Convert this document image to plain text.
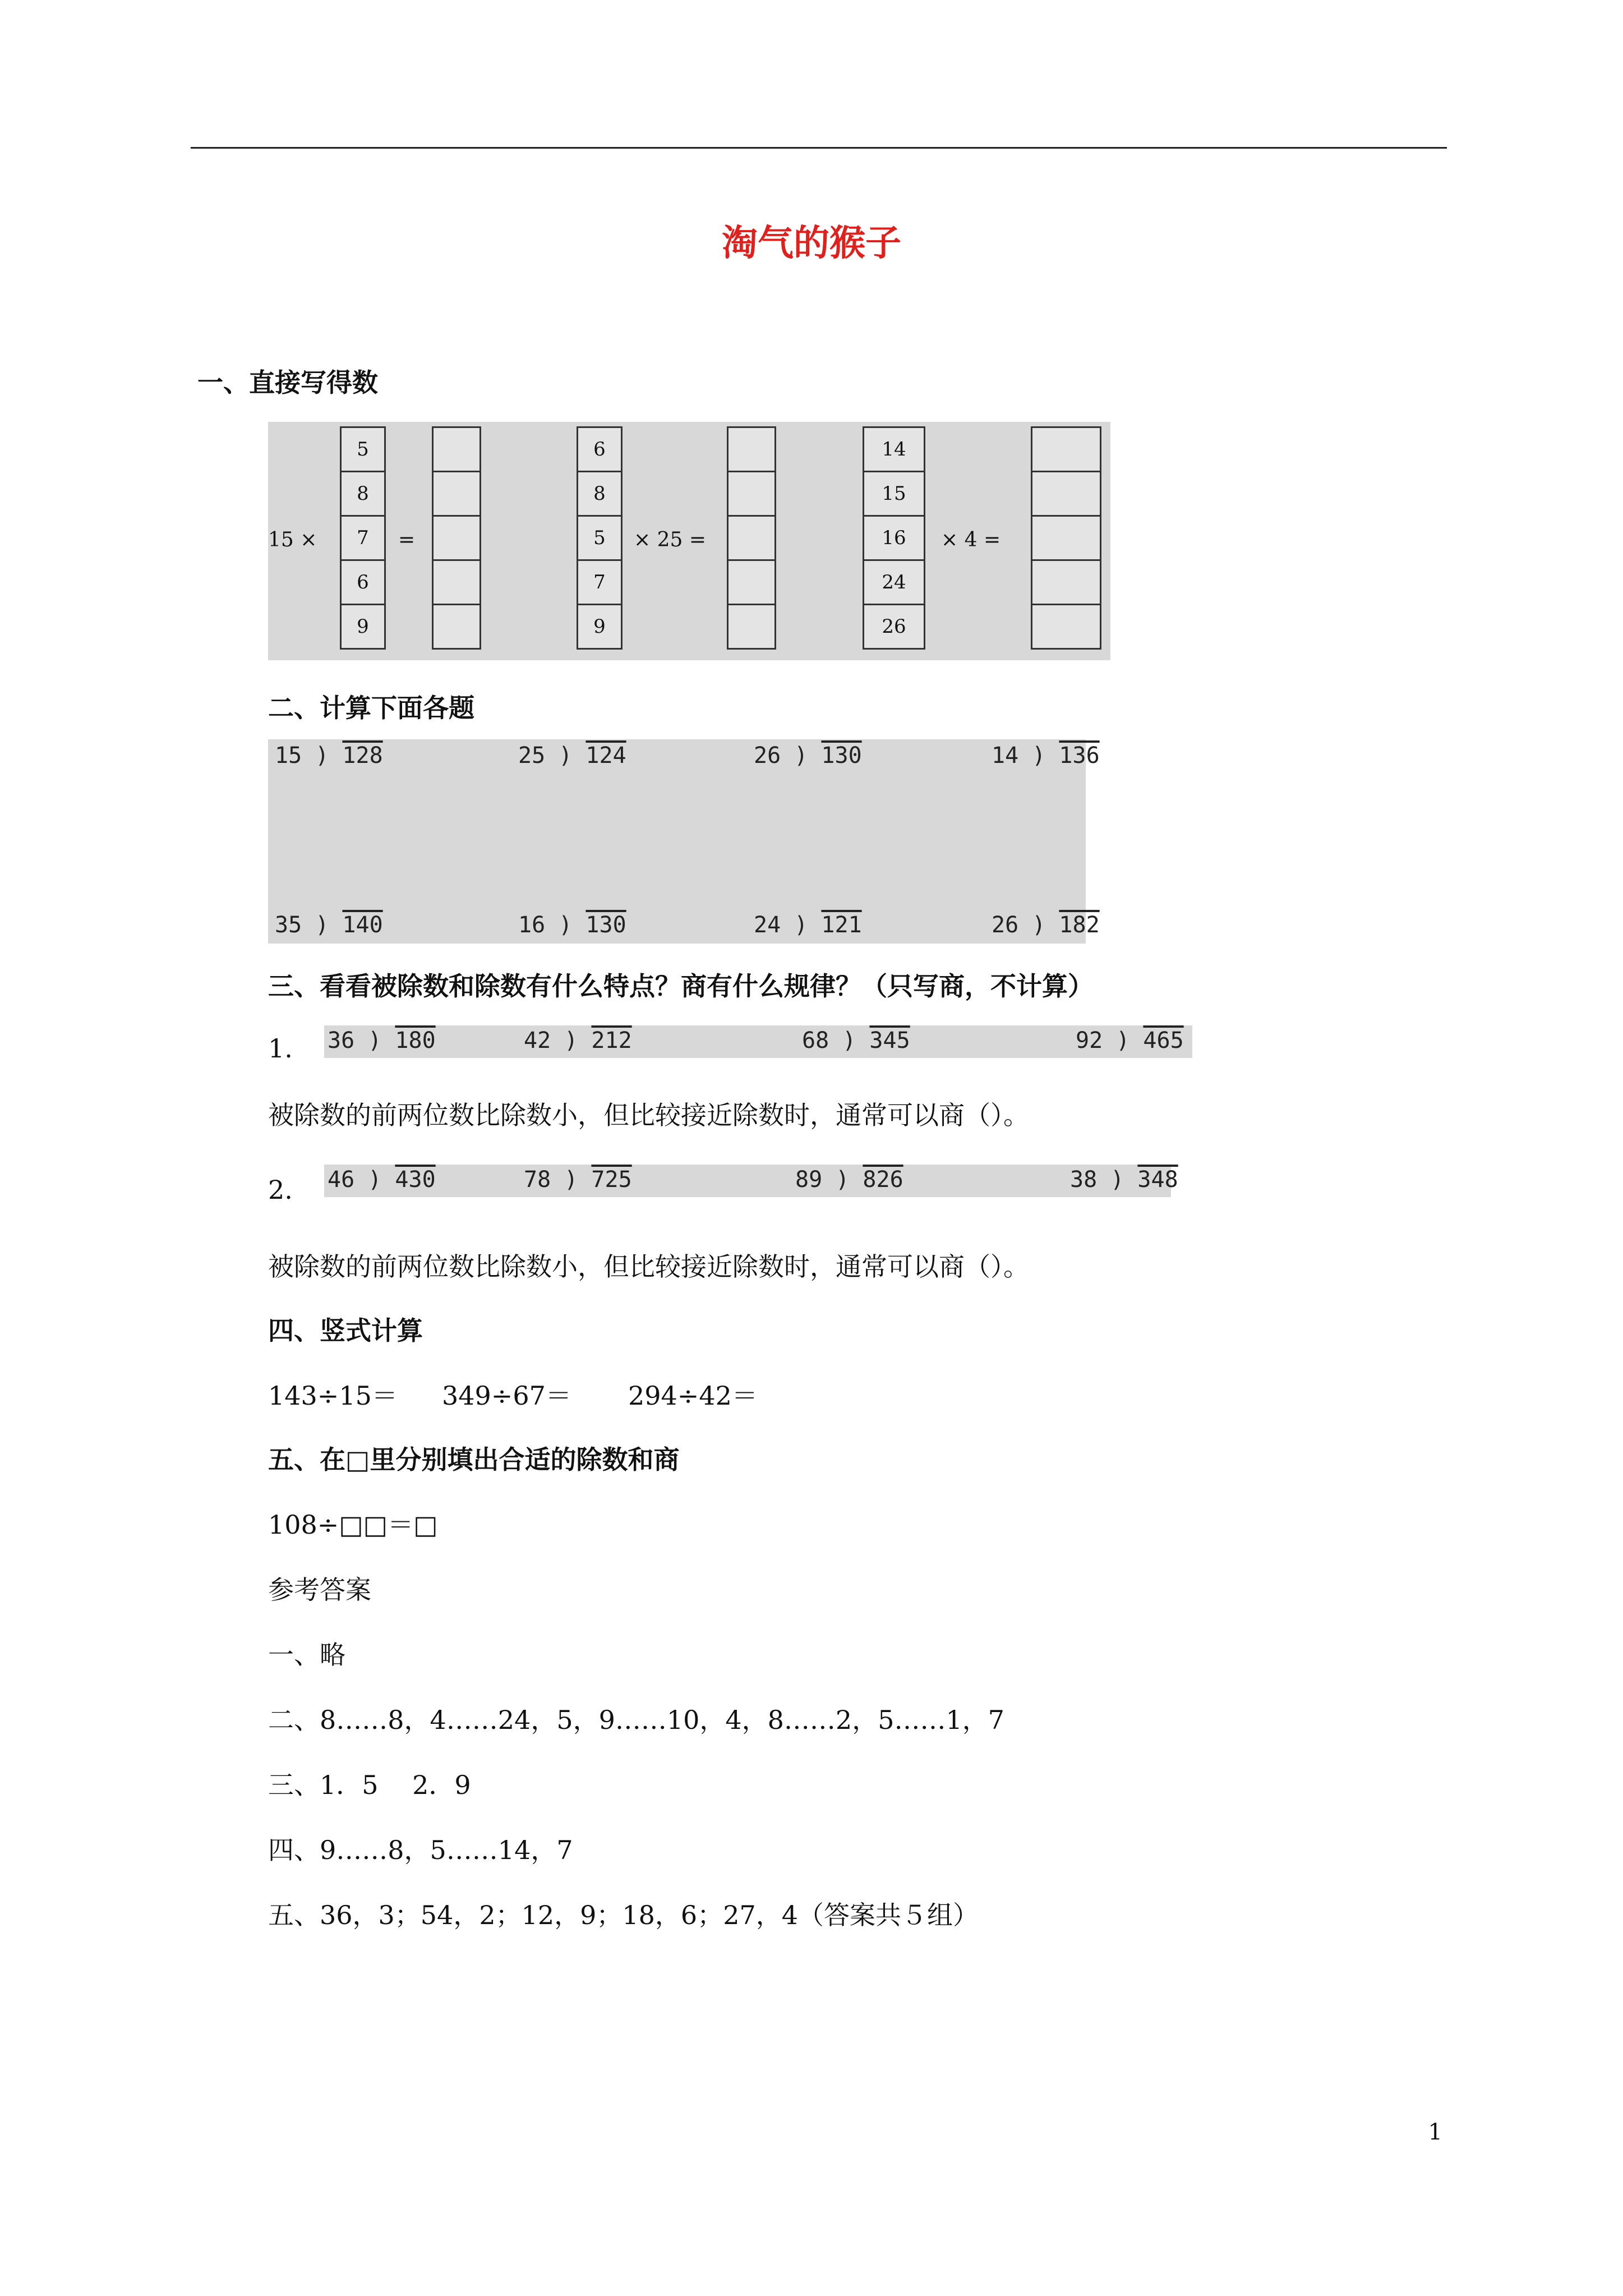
淘气的猴子
一、直接写得数
15 ×
5
8
7
6
9
=
6
8
5
7
9
× 25 =
14
15
16
24
26
× 4 =
二、计算下面各题
15 ) 128	25 ) 124	26 ) 130	14 ) 136
35 ) 140	16 ) 130	24 ) 121	26 ) 182
三、看看被除数和除数有什么特点？商有什么规律？（只写商，不计算）
1. 36 ) 180	42 ) 212	68 ) 345	92 ) 465
被除数的前两位数比除数小，但比较接近除数时，通常可以商（）。
2. 46 ) 430	78 ) 725	89 ) 826	38 ) 348
被除数的前两位数比除数小，但比较接近除数时，通常可以商（）。
四、竖式计算
143÷15＝ 349÷67＝ 294÷42＝
五、在□里分别填出合适的除数和商
108÷□□＝□
参考答案
一、略
二、8……8，4……24，5，9……10，4，8……2，5……1，7
三、1．5　 2．9
四、9……8，5……14，7
五、36，3；54，2；12，9；18，6；27，4（答案共５组）
1
